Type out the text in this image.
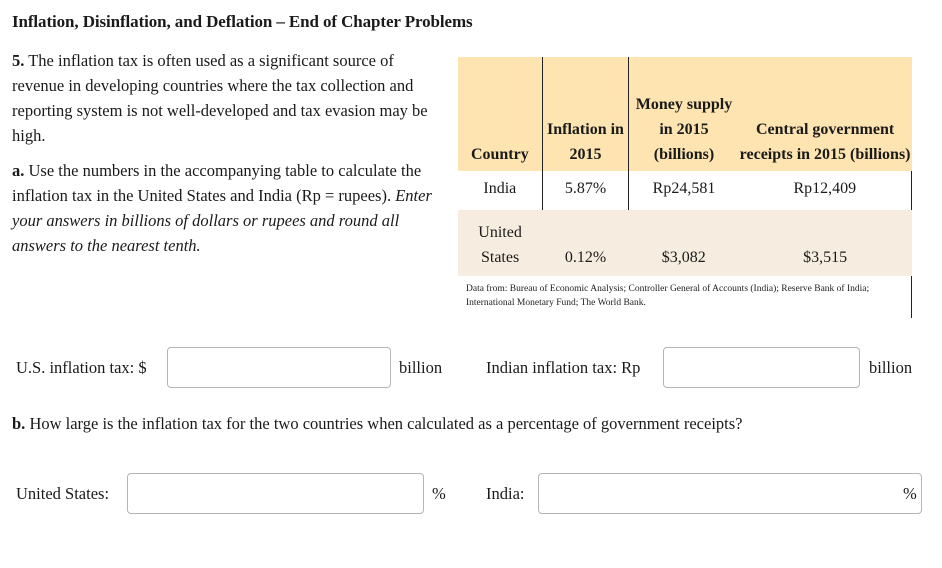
Inflation, Disinflation, and Deflation – End of Chapter Problems
5. The inflation tax is often used as a significant source of revenue in developing countries where the tax collection and reporting system is not well-developed and tax evasion may be high.
a. Use the numbers in the accompanying table to calculate the inflation tax in the United States and India (Rp = rupees). Enter your answers in billions of dollars or rupees and round all answers to the nearest tenth.
Country	Inflation in 2015	Money supply in 2015 (billions)	Central government receipts in 2015 (billions)
India	5.87%	Rp24,581	Rp12,409
United States	0.12%	$3,082	$3,515
Data from: Bureau of Economic Analysis; Controller General of Accounts (India); Reserve Bank of India; International Monetary Fund; The World Bank.			
U.S. inflation tax: $	billion	Indian inflation tax: Rp	billion
b. How large is the inflation tax for the two countries when calculated as a percentage of government receipts?
United States:	% India:	%
